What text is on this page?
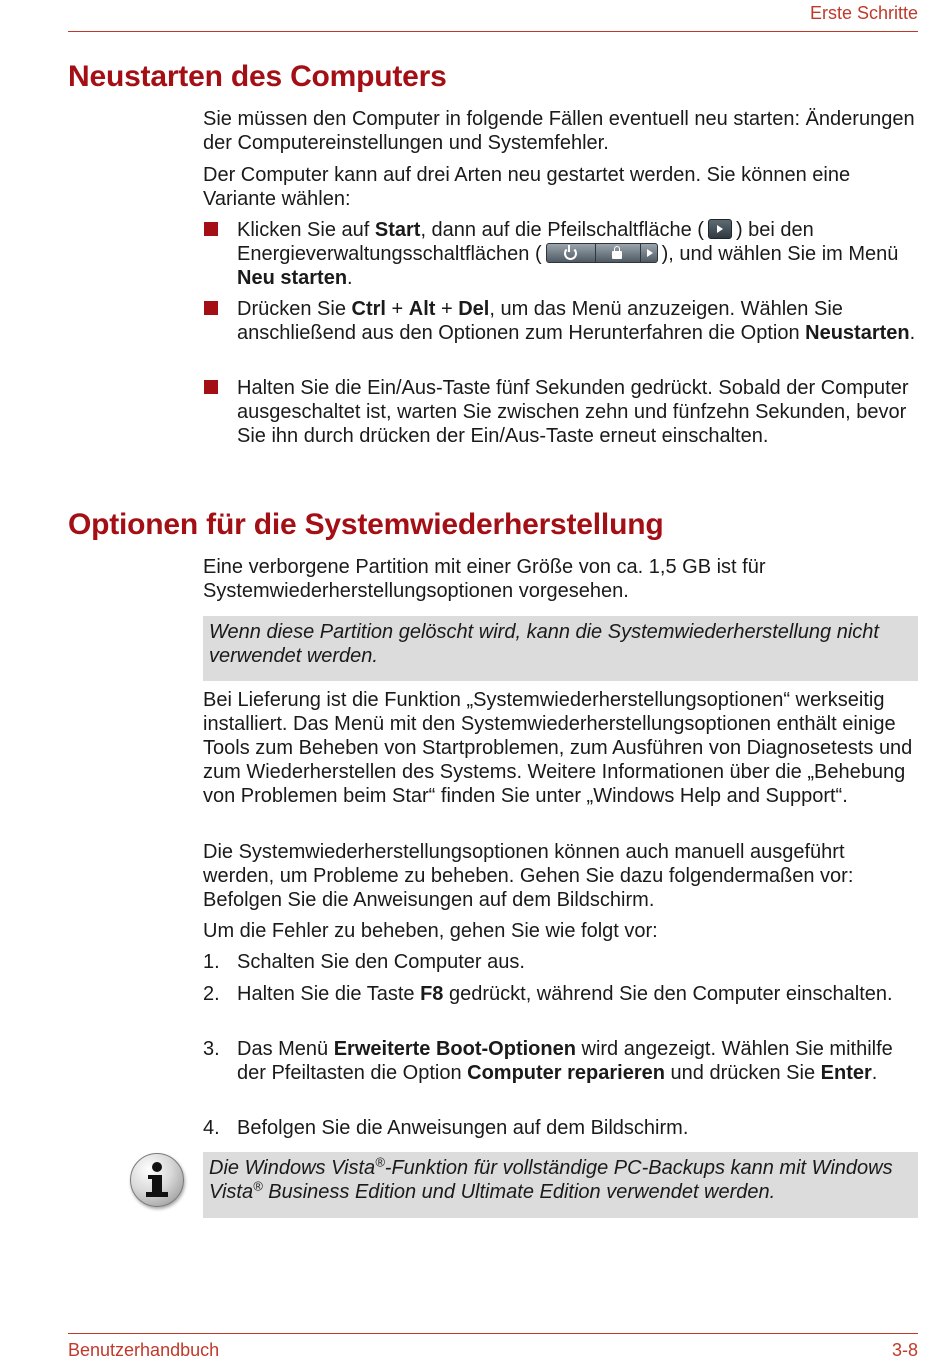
Erste Schritte
Neustarten des Computers

Sie müssen den Computer in folgende Fällen eventuell neu starten: Änderungen der Computereinstellungen und Systemfehler.

Der Computer kann auf drei Arten neu gestartet werden. Sie können eine Variante wählen:

Klicken Sie auf Start, dann auf die Pfeilschaltfläche ( ) bei den Energieverwaltungsschaltflächen (	), und wählen Sie im Menü Neu starten.

Drücken Sie Ctrl + Alt + Del, um das Menü anzuzeigen. Wählen Sie anschließend aus den Optionen zum Herunterfahren die Option Neustarten.

Halten Sie die Ein/Aus-Taste fünf Sekunden gedrückt. Sobald der Computer ausgeschaltet ist, warten Sie zwischen zehn und fünfzehn Sekunden, bevor Sie ihn durch drücken der Ein/Aus-Taste erneut einschalten.

Optionen für die Systemwiederherstellung

Eine verborgene Partition mit einer Größe von ca. 1,5 GB ist für Systemwiederherstellungsoptionen vorgesehen.

Wenn diese Partition gelöscht wird, kann die Systemwiederherstellung nicht verwendet werden.

Bei Lieferung ist die Funktion „Systemwiederherstellungsoptionen“ werkseitig installiert. Das Menü mit den Systemwiederherstellungsoptionen enthält einige Tools zum Beheben von Startproblemen, zum Ausführen von Diagnosetests und zum Wiederherstellen des Systems. Weitere Informationen über die „Behebung von Problemen beim Star“ finden Sie unter „Windows Help and Support“.

Die Systemwiederherstellungsoptionen können auch manuell ausgeführt werden, um Probleme zu beheben. Gehen Sie dazu folgendermaßen vor: Befolgen Sie die Anweisungen auf dem Bildschirm.

Um die Fehler zu beheben, gehen Sie wie folgt vor:

1. Schalten Sie den Computer aus.

2. Halten Sie die Taste F8 gedrückt, während Sie den Computer einschalten.

3. Das Menü Erweiterte Boot-Optionen wird angezeigt. Wählen Sie mithilfe der Pfeiltasten die Option Computer reparieren und drücken Sie Enter.

4. Befolgen Sie die Anweisungen auf dem Bildschirm.

Die Windows Vista®-Funktion für vollständige PC-Backups kann mit Windows Vista® Business Edition und Ultimate Edition verwendet werden.
Benutzerhandbuch	3-8
